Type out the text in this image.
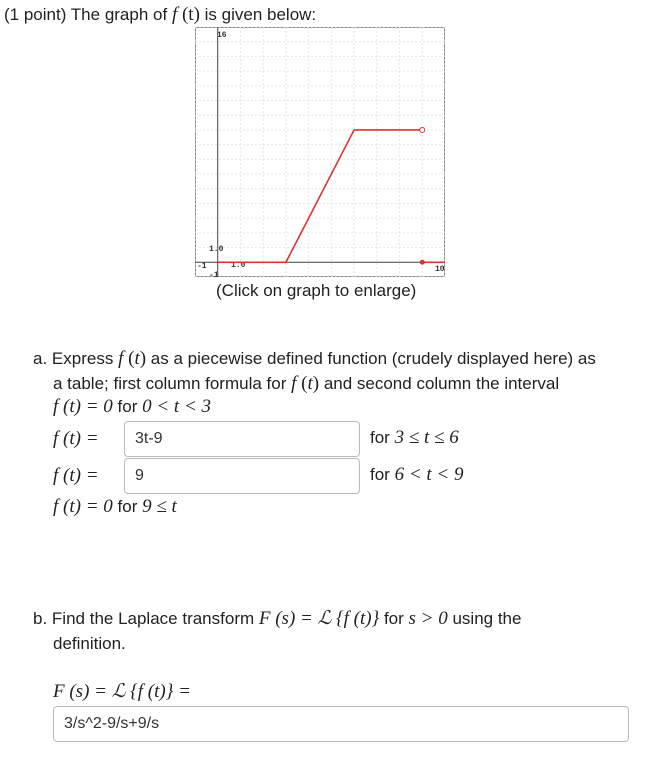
(1 point) The graph of f (t) is given below:
16
1.0
1.0	10
-1
-1
(Click on graph to enlarge)
a. Express f (t) as a piecewise defined function (crudely displayed here) as
a table; first column formula for f (t) and second column the interval
f (t) = 0 for 0 < t < 3
f (t) =	3t-9	for 3 ≤ t ≤ 6
f (t) =	9	for 6 < t < 9
f (t) = 0 for 9 ≤ t
b. Find the Laplace transform F (s) = ℒ {f (t)} for s > 0 using the
definition.
F (s) = ℒ {f (t)} =
3/s^2-9/s+9/s
